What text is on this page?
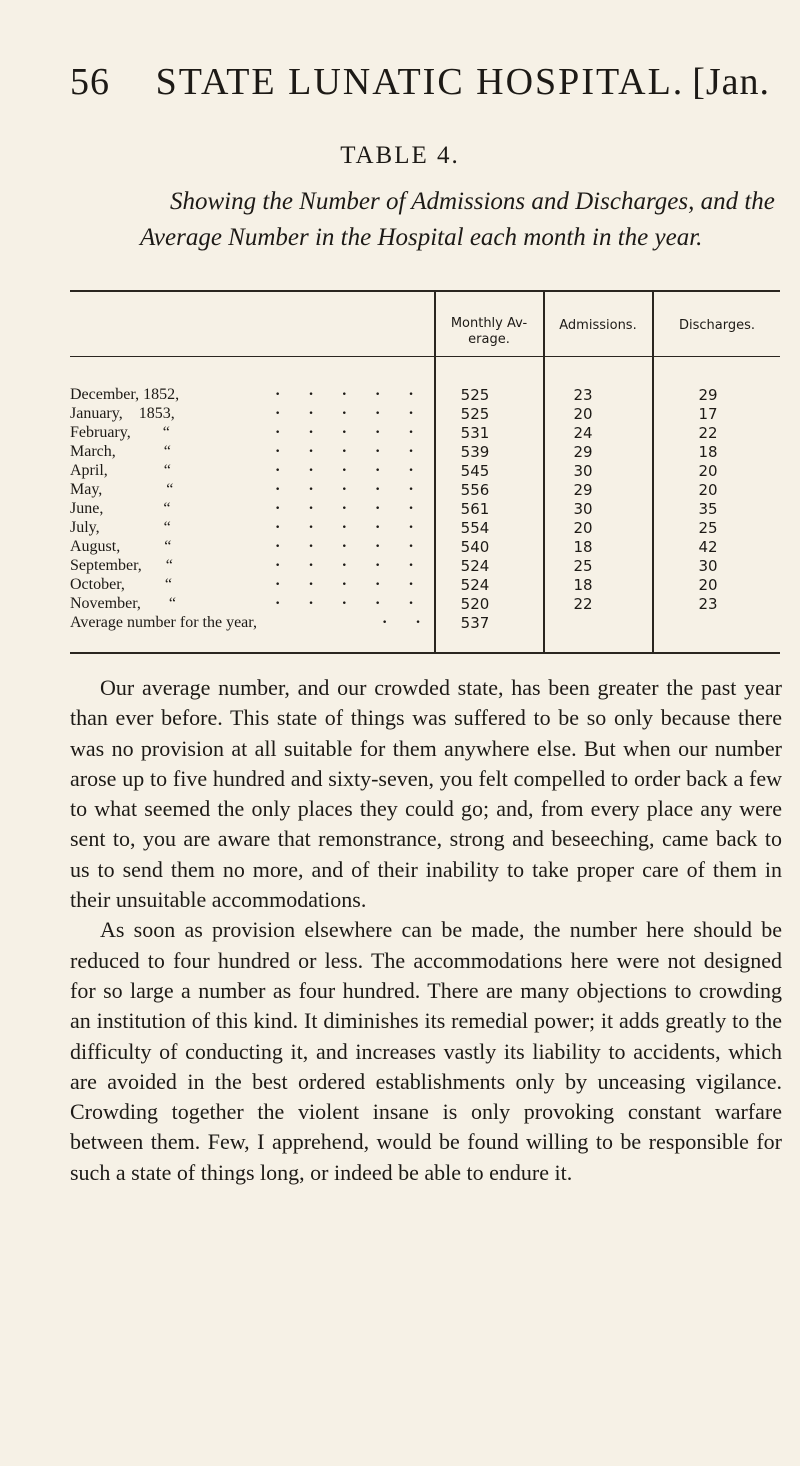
56	STATE LUNATIC HOSPITAL. [Jan.
TABLE 4.
Showing the Number of Admissions and Discharges, and the
Average Number in the Hospital each month in the year.
Monthly Av-
erage.
Admissions.	Discharges.
December, 1852,	· · · · ·	525	23	29
January,    1853,	· · · · ·	525	20	17
February,        “	· · · · ·	531	24	22
March,            “	· · · · ·	539	29	18
April,              “	· · · · ·	545	30	20
May,                “	· · · · ·	556	29	20
June,               “	· · · · ·	561	30	35
July,                “	· · · · ·	554	20	25
August,           “	· · · · ·	540	18	42
September,      “	· · · · ·	524	25	30
October,          “	· · · · ·	524	18	20
November,       “	· · · · ·	520	22	23
Average number for the year,	· ·	537

Our average number, and our crowded state, has been greater the past year than ever before. This state of things was suffered to be so only because there was no provision at all suitable for them anywhere else. But when our number arose up to five hundred and sixty-seven, you felt compelled to order back a few to what seemed the only places they could go; and, from every place any were sent to, you are aware that remonstrance, strong and beseeching, came back to us to send them no more, and of their inability to take proper care of them in their unsuitable accommodations.

As soon as provision elsewhere can be made, the number here should be reduced to four hundred or less. The accommodations here were not designed for so large a number as four hundred. There are many objections to crowding an institution of this kind. It diminishes its remedial power; it adds greatly to the difficulty of conducting it, and increases vastly its liability to accidents, which are avoided in the best ordered establishments only by unceasing vigilance. Crowding together the violent insane is only provoking constant warfare between them. Few, I apprehend, would be found willing to be responsible for such a state of things long, or indeed be able to endure it.
